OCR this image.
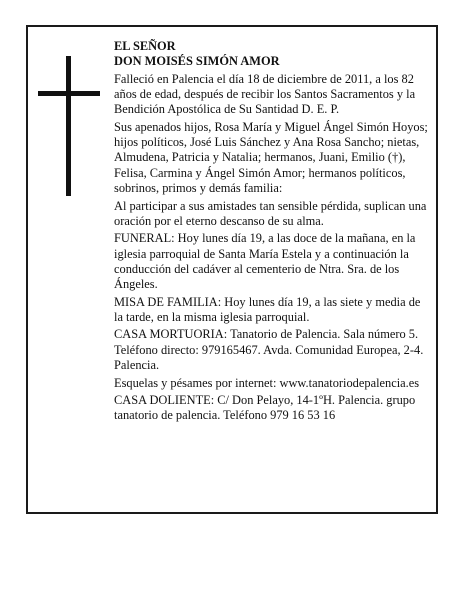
EL SEÑOR
DON MOISÉS SIMÓN AMOR

Falleció en Palencia el día 18 de diciembre de 2011, a los 82 años de edad, después de recibir los Santos Sacramentos y la Bendición Apostólica de Su Santidad D. E. P.

Sus apenados hijos, Rosa María y Miguel Ángel Simón Hoyos; hijos políticos, José Luis Sánchez y Ana Rosa Sancho; nietas, Almudena, Patricia y Natalia; hermanos, Juani, Emilio (†), Felisa, Carmina y Ángel Simón Amor; hermanos políticos, sobrinos, primos y demás familia:

Al participar a sus amistades tan sensible pérdida, suplican una oración por el eterno descanso de su alma.

FUNERAL: Hoy lunes día 19, a las doce de la mañana, en la iglesia parroquial de Santa María Estela y a continuación la conducción del cadáver al cementerio de Ntra. Sra. de los Ángeles.

MISA DE FAMILIA: Hoy lunes día 19, a las siete y media de la tarde, en la misma iglesia parroquial.

CASA MORTUORIA: Tanatorio de Palencia. Sala número 5. Teléfono directo: 979165467. Avda. Comunidad Europea, 2-4. Palencia.

Esquelas y pésames por internet: www.tanatoriodepalencia.es

CASA DOLIENTE: C/ Don Pelayo, 14-1ºH. Palencia. grupo tanatorio de palencia. Teléfono 979 16 53 16
